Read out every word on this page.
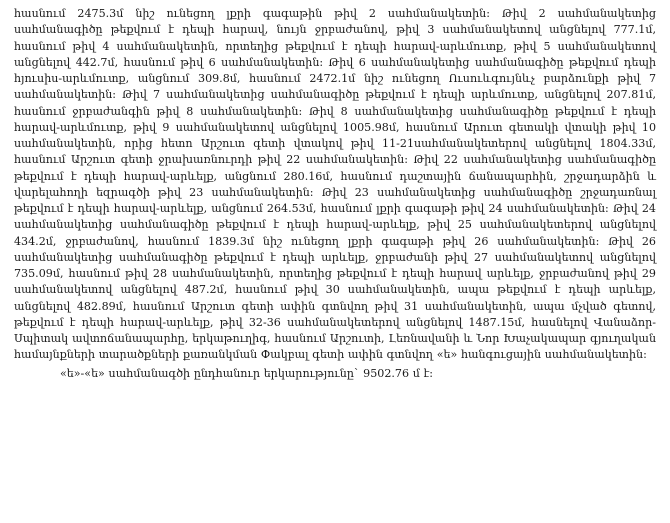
հասնում 2475.3մ նիշ ունեցող լքրի գագաթին թիվ 2 սահմանակետին: Թիվ 2 սահմանակետից սահմանագիծը թեքվում է դեպի հարավ, նույն ջրբաժանով, թիվ 3 սահմանակետով անցնելով 777.1մ, հասնում թիվ 4 սահմանակետին, որտեղից թեքվում է դեպի հարավ-արևմուտք, թիվ 5 սահմանակետով անցնելով 442.7մ, հասնում թիվ 6 սահմանակետին: Թիվ 6 սահմանակետից սահմանագիծը թեքվում դեպի հյուսիս-արևմուտք, անցնում 309.8մ, հասնում 2472.1մ նիշ ունեցող Ուսուևգույնևչ բարձունքի թիվ 7 սահմանակետին: Թիվ 7 սահմանակետից սահմանագիծը թեքվում է դեպի արևմուտք, անցնելով 207.81մ, հասնում ջրբաժանգին թիվ 8 սահմանակետին: Թիվ 8 սահմանակետից սահմանագիծը թեքվում է դեպի հարավ-արևմուտք, թիվ 9 սահմանակետով անցնելով 1005.98մ, հասնում Արուտ գետակի վտակի թիվ 10 սահմանակետին, որից հետո Արշուտ գետի վտակով թիվ 11-21սահմանակետերով անցնելով 1804.33մ, հասնում Արշուտ գետի ջրախառնուրդի թիվ 22 սահմանակետին: Թիվ 22 սահմանակետից սահմանագիծը թեքվում է դեպի հարավ-արևելք, անցնում 280.16մ, հասնում դաշտային ճանապարհին, շրջադարձին և վարելահողի եզրագծի թիվ 23 սահմանակետին: Թիվ 23 սահմանակետից սահմանագիծը շրջադառնալ թեքվում է դեպի հարավ-արևելք, անցնում 264.53մ, հասնում լքրի գագաթի թիվ 24 սահմանակետին: Թիվ 24 սահմանակետից սահմանագիծը թեքվում է դեպի հարավ-արևելք, թիվ 25 սահմանակետերով անցնելով 434.2մ, ջրբաժանով, հասնում 1839.3մ նիշ ունեցող լքրի գագաթի թիվ 26 սահմանակետին: Թիվ 26 սահմանակետից սահմանագիծը թեքվում է դեպի արևելք, ջրբաժանի թիվ 27 սահմանակետով անցնելով 735.09մ, հասնում թիվ 28 սահմանակետին, որտեղից թեքվում է դեպի հարավ արևելք, ջրբաժանով թիվ 29 սահմանակետով անցնելով 487.2մ, հասնում թիվ 30 սահմանակետին, ապա թեքվում է դեպի արևելք, անցնելով 482.89մ, հասնում Արշուտ գետի ափին գտնվող թիվ 31 սահմանակետին, ապա մչված գետով, թեքվում է դեպի հարավ-արևելք, թիվ 32-36 սահմանակետերով անցնելով 1487.15մ, հասնելով Վանաձոր-Սպիտակ ավտոճանապարհը, երկաթուղիգ, հասնում Արշուտի, Լեռնավանի և Նոր Խաչակապար գյուղական համայնքների տարածքների քառանկման Փակբալ գետի ափին գտնվող «ե» հանգուցային սահմանակետին:

«ե»-«ե» սահմանագծի ընդհանուր երկարությունը` 9502.76 մ է:
